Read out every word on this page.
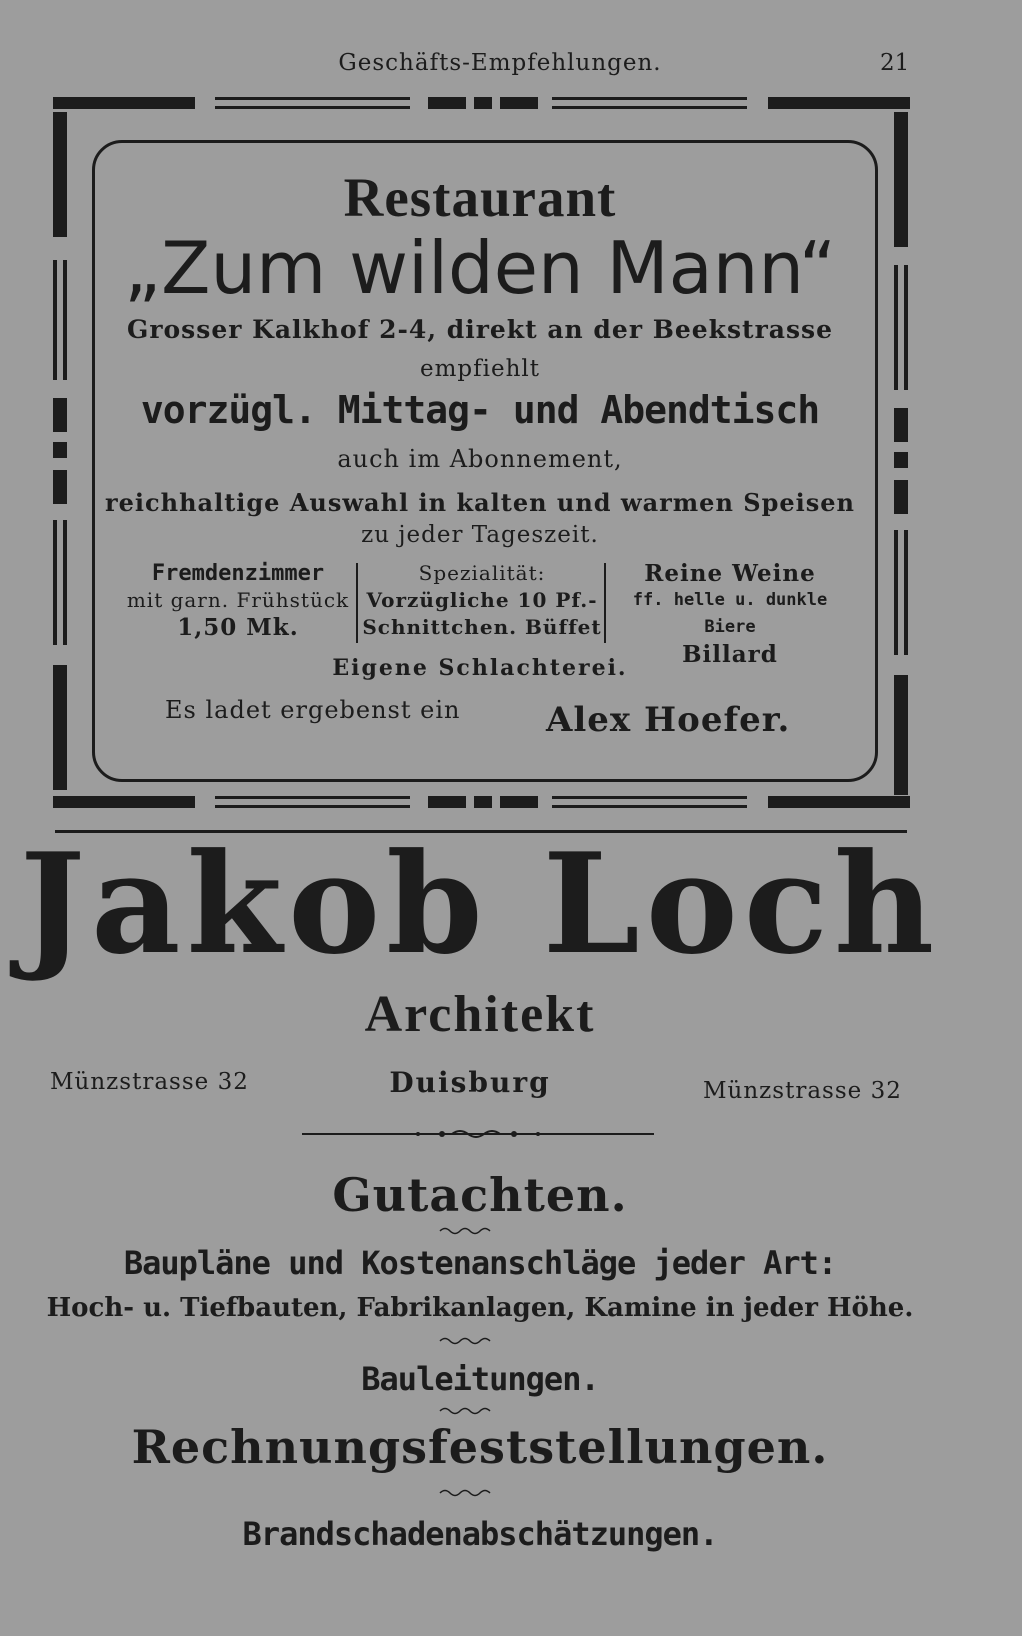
Geschäfts-Empfehlungen.	21
Restaurant
„Zum wilden Mann“
Grosser Kalkhof 2-4, direkt an der Beekstrasse
empfiehlt
vorzügl. Mittag- und Abendtisch
auch im Abonnement,
reichhaltige Auswahl in kalten und warmen Speisen
zu jeder Tageszeit.
Fremdenzimmer
mit garn. Frühstück
1,50 Mk.
Spezialität:
Vorzügliche 10 Pf.-
Schnittchen. Büffet
Reine Weine
ff. helle u. dunkle Biere
Billard
Eigene Schlachterei.
Es ladet ergebenst ein	Alex Hoefer.
Jakob Loch
Architekt
Münzstrasse 32	Duisburg	Münzstrasse 32
Gutachten.
Baupläne und Kostenanschläge jeder Art:
Hoch- u. Tiefbauten, Fabrikanlagen, Kamine in jeder Höhe.
Bauleitungen.
Rechnungsfeststellungen.
Brandschadenabschätzungen.
